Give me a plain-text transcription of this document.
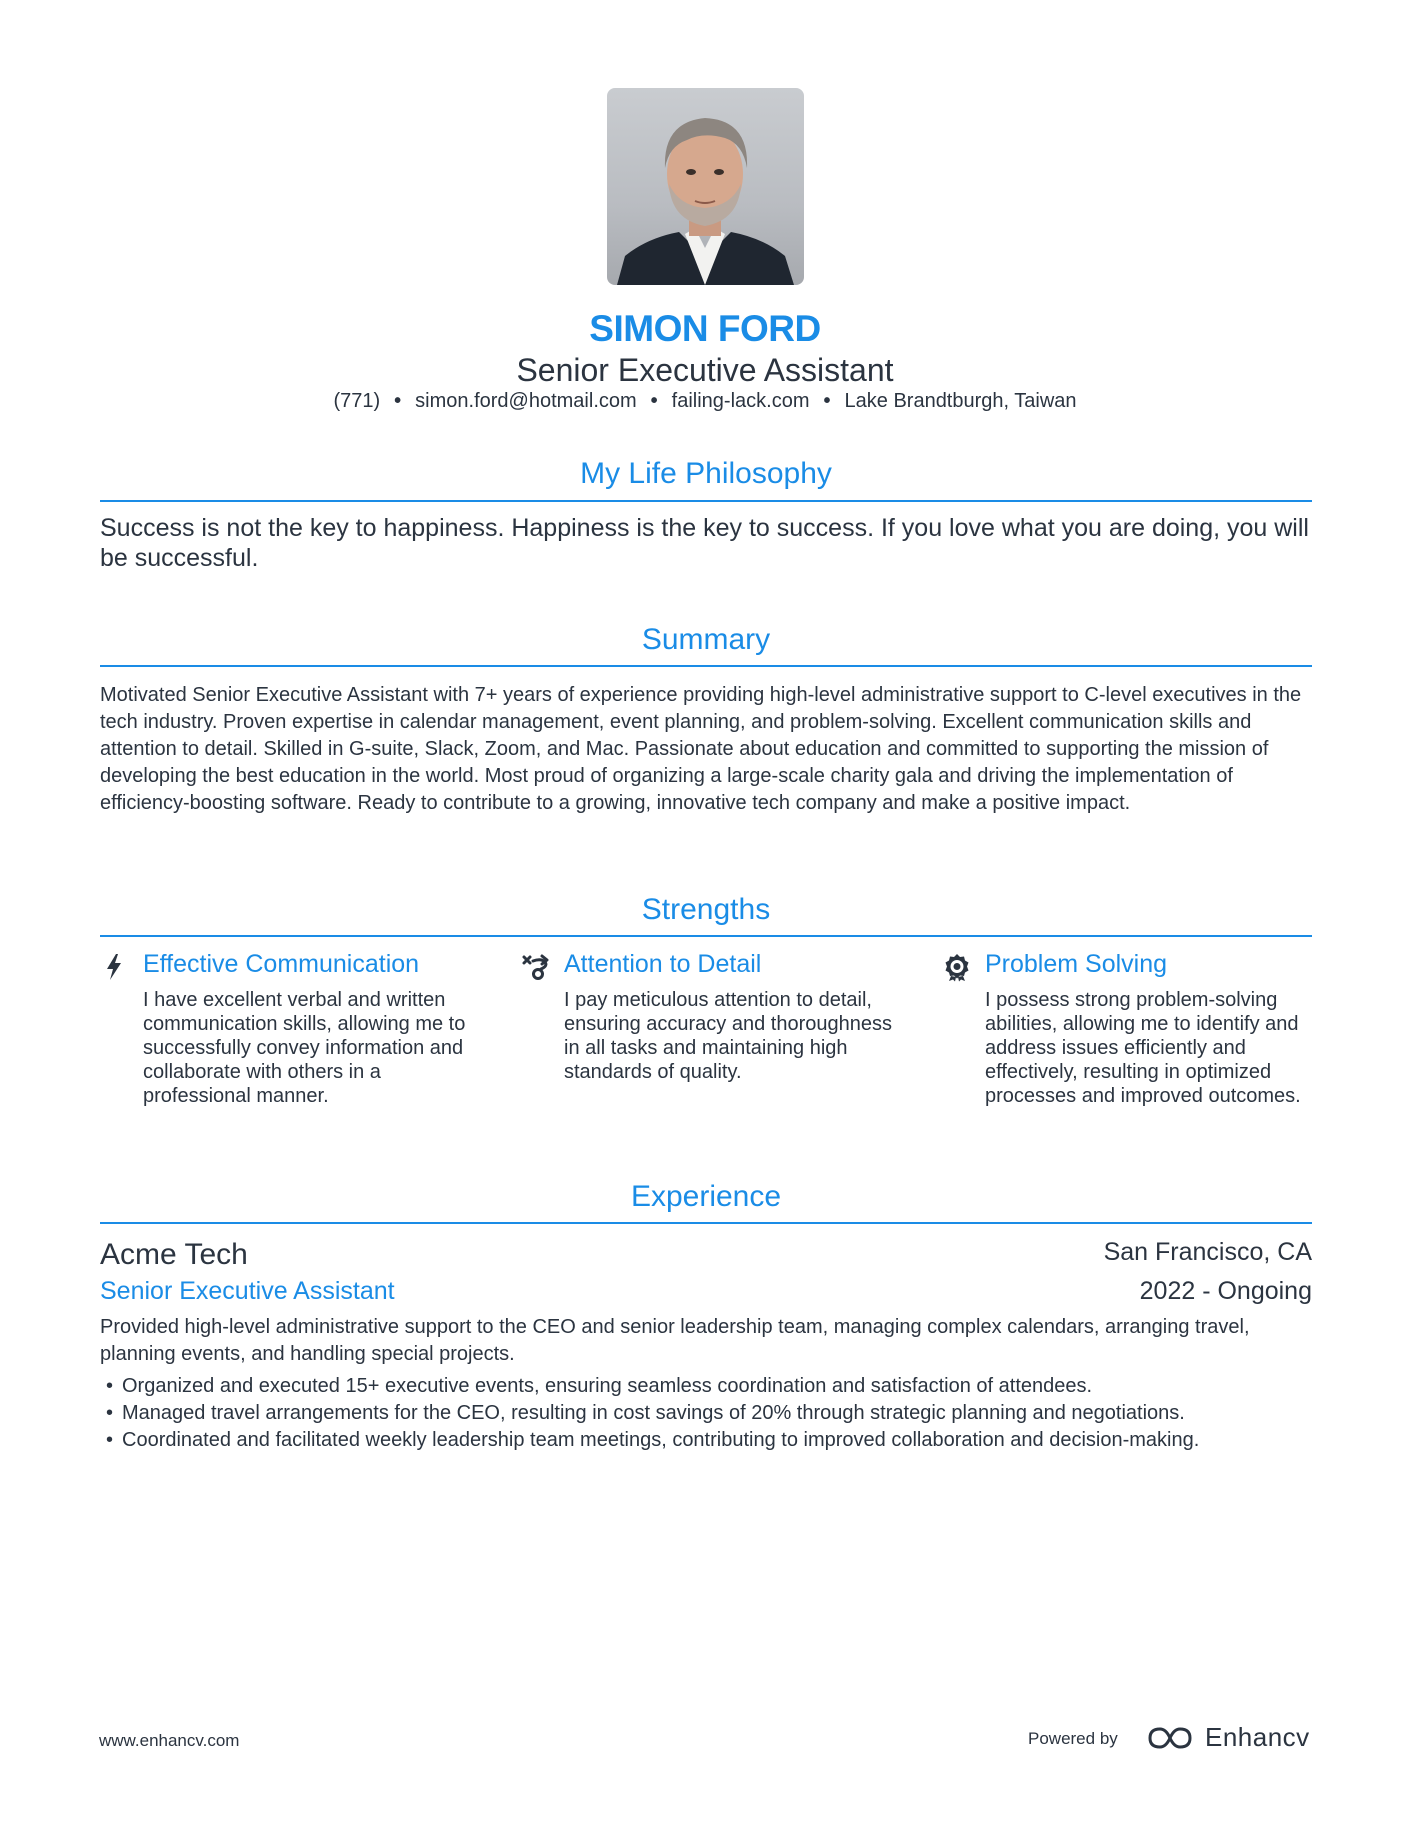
SIMON FORD
Senior Executive Assistant
(771) • simon.ford@hotmail.com • failing-lack.com • Lake Brandtburgh, Taiwan
My Life Philosophy
Success is not the key to happiness. Happiness is the key to success. If you love what you are doing, you will be successful.
Summary
Motivated Senior Executive Assistant with 7+ years of experience providing high-level administrative support to C-level executives in the tech industry. Proven expertise in calendar management, event planning, and problem-solving. Excellent communication skills and attention to detail. Skilled in G-suite, Slack, Zoom, and Mac. Passionate about education and committed to supporting the mission of developing the best education in the world. Most proud of organizing a large-scale charity gala and driving the implementation of efficiency-boosting software. Ready to contribute to a growing, innovative tech company and make a positive impact.
Strengths
Effective Communication
I have excellent verbal and written communication skills, allowing me to successfully convey information and collaborate with others in a professional manner.
Attention to Detail
I pay meticulous attention to detail, ensuring accuracy and thoroughness in all tasks and maintaining high standards of quality.
Problem Solving
I possess strong problem-solving abilities, allowing me to identify and address issues efficiently and effectively, resulting in optimized processes and improved outcomes.
Experience
Acme Tech	San Francisco, CA
Senior Executive Assistant	2022 - Ongoing
Provided high-level administrative support to the CEO and senior leadership team, managing complex calendars, arranging travel, planning events, and handling special projects.
• Organized and executed 15+ executive events, ensuring seamless coordination and satisfaction of attendees.
• Managed travel arrangements for the CEO, resulting in cost savings of 20% through strategic planning and negotiations.
• Coordinated and facilitated weekly leadership team meetings, contributing to improved collaboration and decision-making.
www.enhancv.com	Powered by	Enhancv
